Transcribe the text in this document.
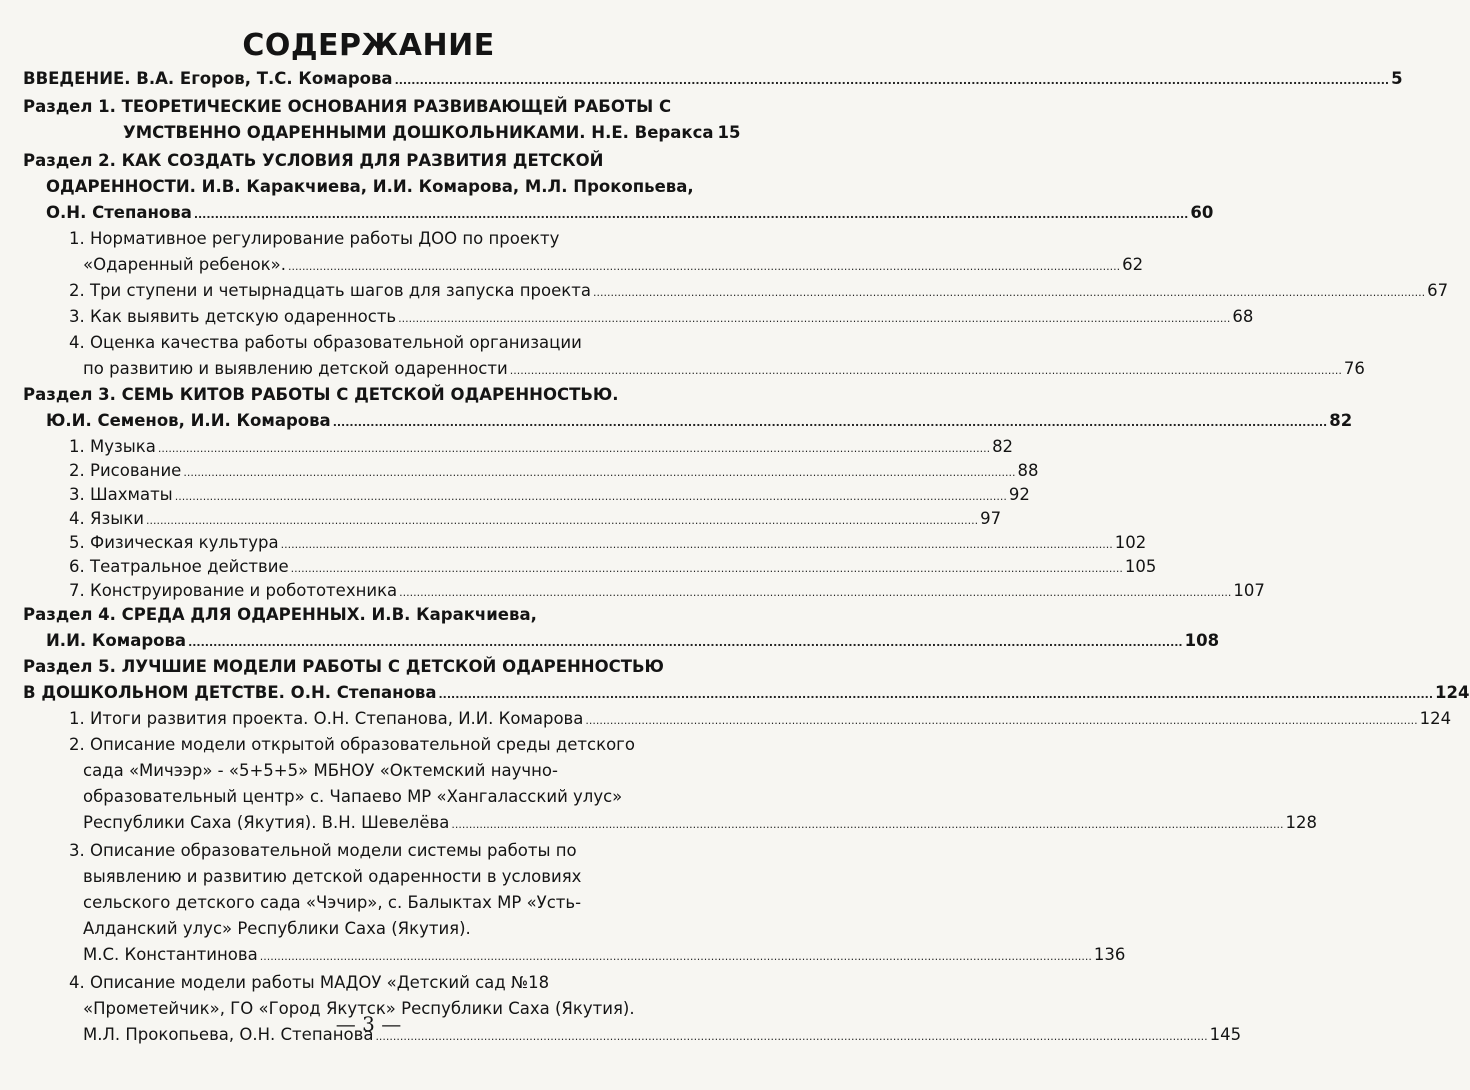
СОДЕРЖАНИЕ
ВВЕДЕНИЕ. В.А. Егоров, Т.С. Комарова .....	5
Раздел 1. ТЕОРЕТИЧЕСКИЕ ОСНОВАНИЯ РАЗВИВАЮЩЕЙ РАБОТЫ С
УМСТВЕННО ОДАРЕННЫМИ ДОШКОЛЬНИКАМИ. Н.Е. Веракса 15
Раздел 2. КАК СОЗДАТЬ УСЛОВИЯ ДЛЯ РАЗВИТИЯ ДЕТСКОЙ
ОДАРЕННОСТИ. И.В. Каракчиева, И.И. Комарова, М.Л. Прокопьева,
О.Н. Степанова .....	60
1. Нормативное регулирование работы ДОО по проекту
«Одаренный ребенок». .....	62
2. Три ступени и четырнадцать шагов для запуска проекта .....	67
3. Как выявить детскую одаренность .....	68
4. Оценка качества работы образовательной организации
по развитию и выявлению детской одаренности .....	76
Раздел 3. СЕМЬ КИТОВ РАБОТЫ С ДЕТСКОЙ ОДАРЕННОСТЬЮ.
Ю.И. Семенов, И.И. Комарова .....	82
1. Музыка .....	82
2. Рисование .....	88
3. Шахматы .....	92
4. Языки .....	97
5. Физическая культура .....	102
6. Театральное действие .....	105
7. Конструирование и робототехника .....	107
Раздел 4. СРЕДА ДЛЯ ОДАРЕННЫХ. И.В. Каракчиева,
И.И. Комарова .....	108
Раздел 5. ЛУЧШИЕ МОДЕЛИ РАБОТЫ С ДЕТСКОЙ ОДАРЕННОСТЬЮ
В ДОШКОЛЬНОМ ДЕТСТВЕ. О.Н. Степанова .....	124
1. Итоги развития проекта. О.Н. Степанова, И.И. Комарова .....	124
2. Описание модели открытой образовательной среды детского
сада «Мичээр» - «5+5+5» МБНОУ «Октемский научно-
образовательный центр» с. Чапаево МР «Хангаласский улус»
Республики Саха (Якутия). В.Н. Шевелёва .....	128
3. Описание образовательной модели системы работы по
выявлению и развитию детской одаренности в условиях
сельского детского сада «Чэчир», с. Балыктах МР «Усть-
Алданский улус» Республики Саха (Якутия).
М.С. Константинова .....	136
4. Описание модели работы МАДОУ «Детский сад №18
«Прометейчик», ГО «Город Якутск» Республики Саха (Якутия).
М.Л. Прокопьева, О.Н. Степанова .....	145
— 3 —
